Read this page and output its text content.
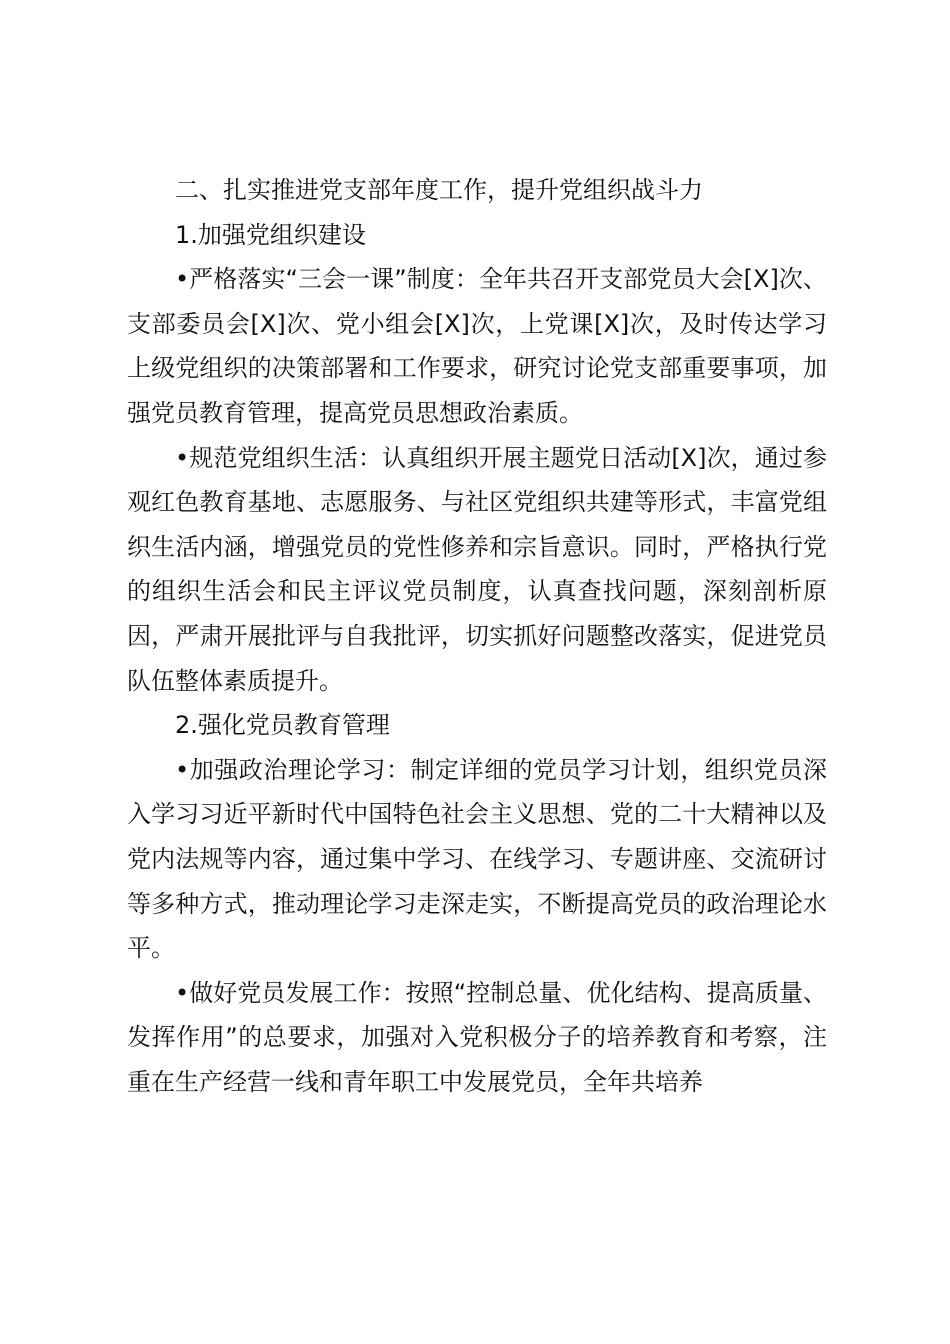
二、扎实推进党支部年度工作，提升党组织战斗力

1.加强党组织建设

•严格落实“三会一课”制度：全年共召开支部党员大会[X]次、支部委员会[X]次、党小组会[X]次，上党课[X]次，及时传达学习上级党组织的决策部署和工作要求，研究讨论党支部重要事项，加强党员教育管理，提高党员思想政治素质。

•规范党组织生活：认真组织开展主题党日活动[X]次，通过参观红色教育基地、志愿服务、与社区党组织共建等形式，丰富党组织生活内涵，增强党员的党性修养和宗旨意识。同时，严格执行党的组织生活会和民主评议党员制度，认真查找问题，深刻剖析原因，严肃开展批评与自我批评，切实抓好问题整改落实，促进党员队伍整体素质提升。

2.强化党员教育管理

•加强政治理论学习：制定详细的党员学习计划，组织党员深入学习习近平新时代中国特色社会主义思想、党的二十大精神以及党内法规等内容，通过集中学习、在线学习、专题讲座、交流研讨等多种方式，推动理论学习走深走实，不断提高党员的政治理论水平。

•做好党员发展工作：按照“控制总量、优化结构、提高质量、发挥作用”的总要求，加强对入党积极分子的培养教育和考察，注重在生产经营一线和青年职工中发展党员，全年共培养
